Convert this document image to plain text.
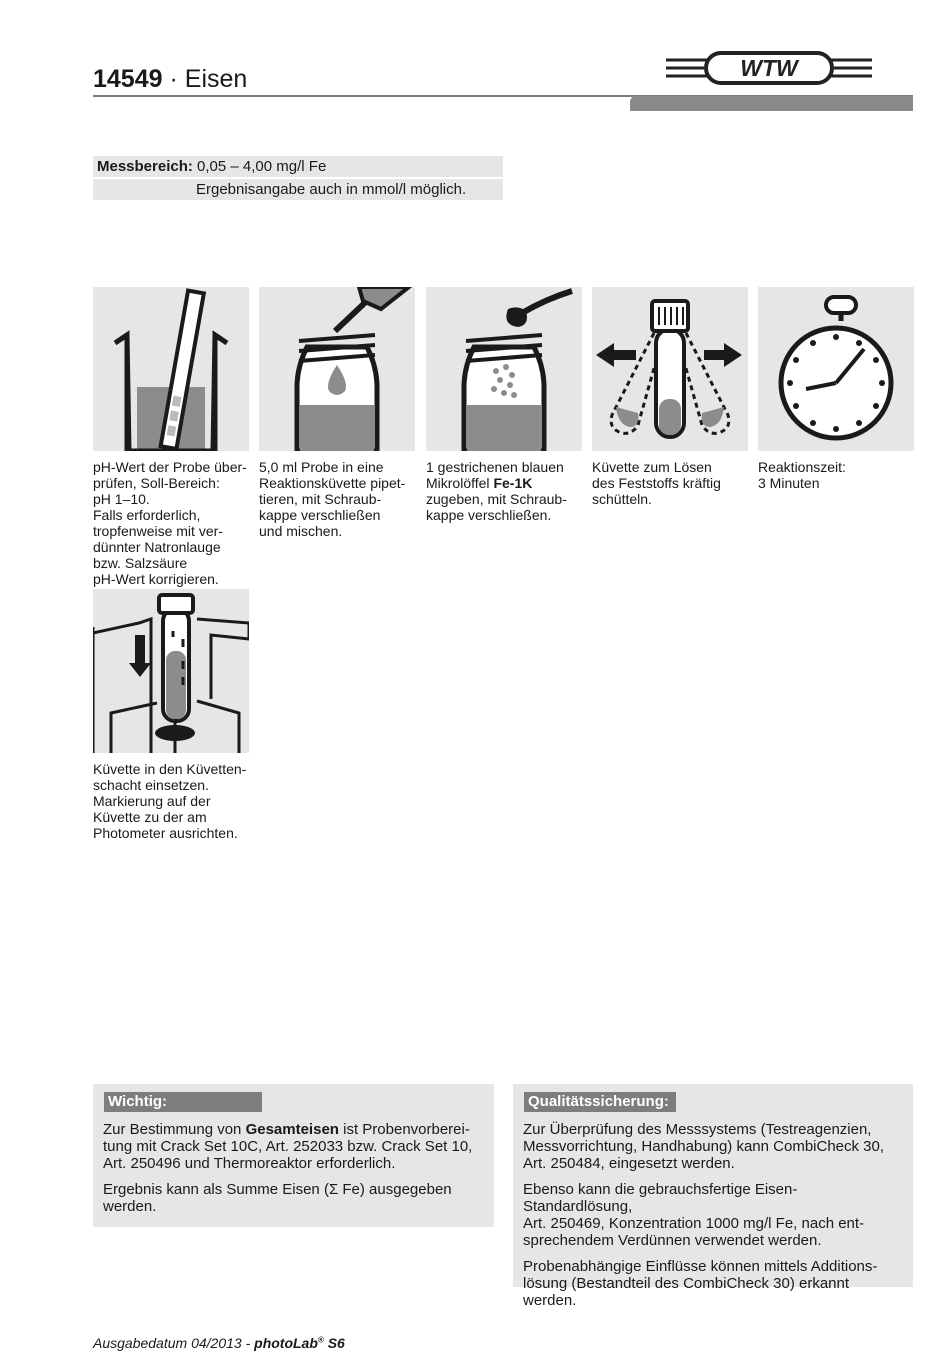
14549 · Eisen	WTW
Messbereich: 0,05 – 4,00 mg/l Fe
Ergebnisangabe auch in mmol/l möglich.
pH-Wert der Probe über-
prüfen, Soll-Bereich:
pH 1–10.
Falls erforderlich,
tropfenweise mit ver-
dünnter Natronlauge
bzw. Salzsäure
pH-Wert korrigieren.
5,0 ml Probe in eine
Reaktionsküvette pipet-
tieren, mit Schraub-
kappe verschließen
und mischen.
1 gestrichenen blauen
Mikrolöffel Fe-1K
zugeben, mit Schraub-
kappe verschließen.
Küvette zum Lösen
des Feststoffs kräftig
schütteln.
Reaktionszeit:
3 Minuten
Küvette in den Küvetten-
schacht einsetzen.
Markierung auf der
Küvette zu der am
Photometer ausrichten.
Wichtig:
Zur Bestimmung von Gesamteisen ist Probenvorberei-
tung mit Crack Set 10C, Art. 252033 bzw. Crack Set 10,
Art. 250496 und Thermoreaktor erforderlich.
Ergebnis kann als Summe Eisen (Σ Fe) ausgegeben
werden.
Qualitätssicherung:
Zur Überprüfung des Messsystems (Testreagenzien,
Messvorrichtung, Handhabung) kann CombiCheck 30,
Art. 250484, eingesetzt werden.
Ebenso kann die gebrauchsfertige Eisen-Standardlösung,
Art. 250469, Konzentration 1000 mg/l Fe, nach ent-
sprechendem Verdünnen verwendet werden.
Probenabhängige Einflüsse können mittels Additions-
lösung (Bestandteil des CombiCheck 30) erkannt werden.
Ausgabedatum 04/2013 - photoLab® S6
